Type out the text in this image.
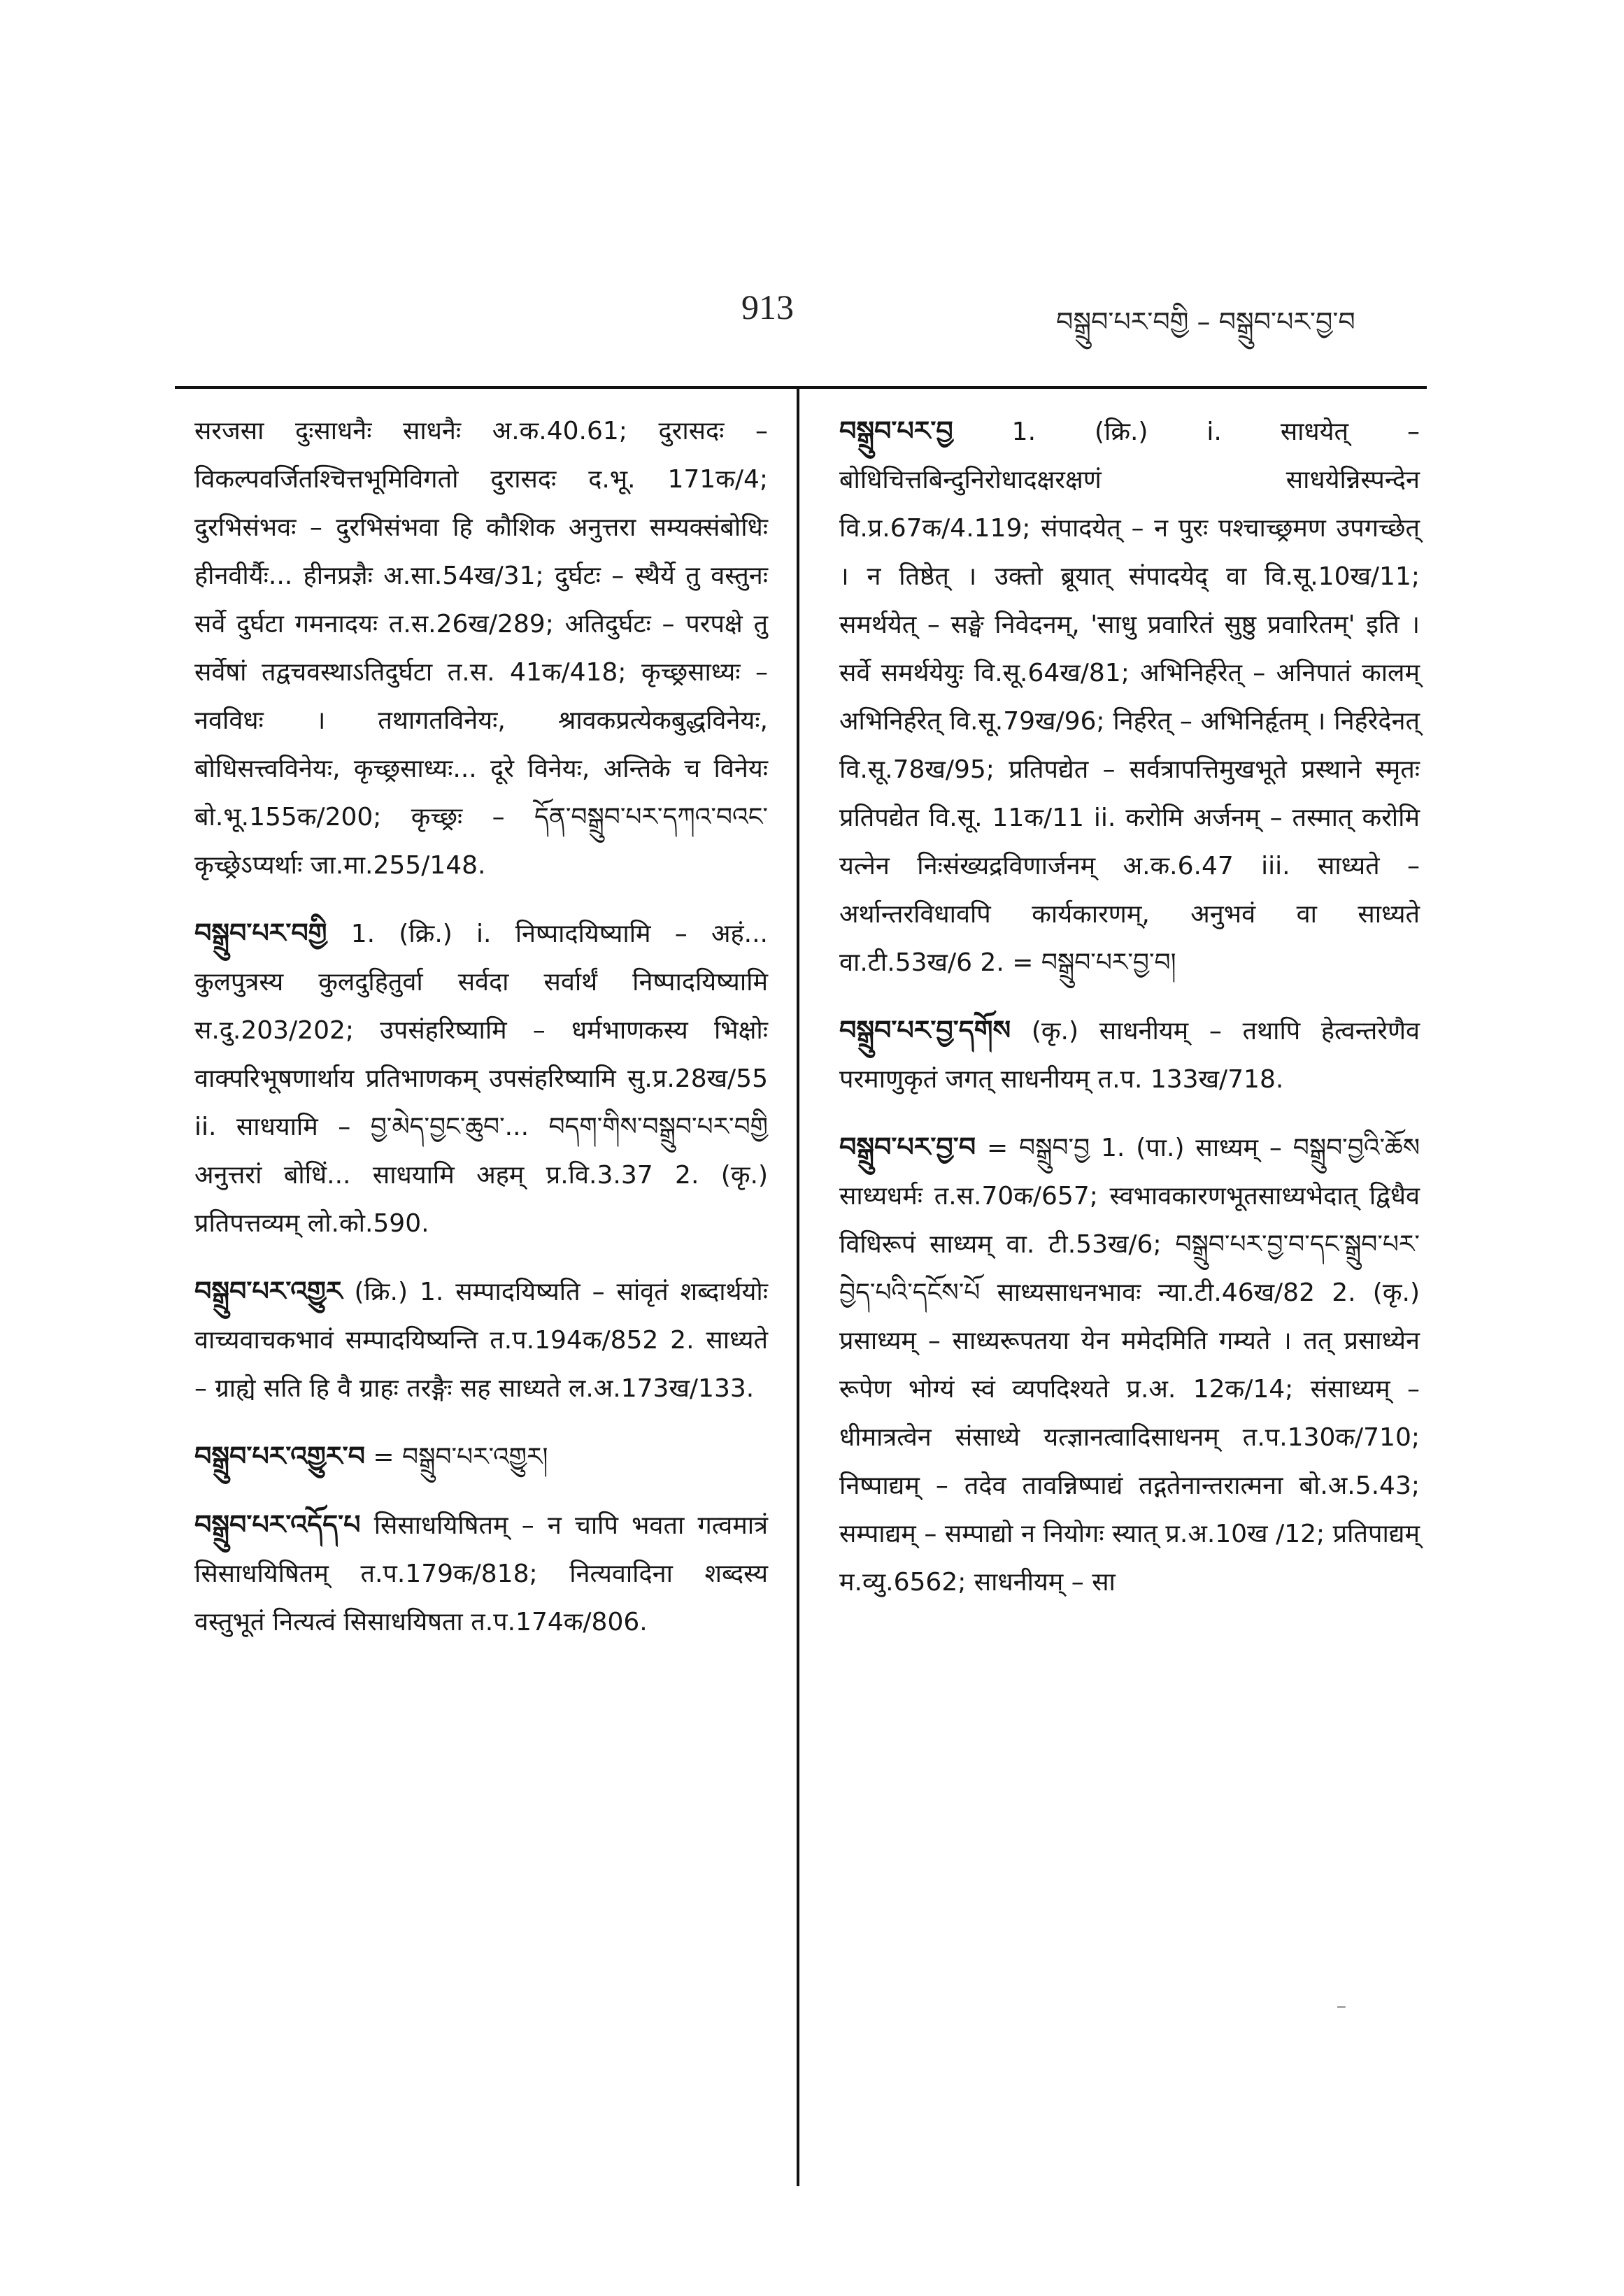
913	བསྒྲུབ་པར་བགྱི – བསྒྲུབ་པར་བྱ་བ
सरजसा दुःसाधनैः साधनैः अ.क.40.61; दुरासदः – विकल्पवर्जितश्चित्तभूमिविगतो दुरासदः द.भू. 171क/4; दुरभिसंभवः – दुरभिसंभवा हि कौशिक अनुत्तरा सम्यक्संबोधिः हीनवीर्यैः... हीनप्रज्ञैः अ.सा.54ख/31; दुर्घटः – स्थैर्ये तु वस्तुनः सर्वे दुर्घटा गमनादयः त.स.26ख/289; अतिदुर्घटः – परपक्षे तु सर्वेषां तद्वचवस्थाऽतिदुर्घटा त.स. 41क/418; कृच्छ्रसाध्यः – नवविधः । तथागतविनेयः, श्रावकप्रत्येकबुद्धविनेयः, बोधिसत्त्वविनेयः, कृच्छ्रसाध्यः... दूरे विनेयः, अन्तिके च विनेयः बो.भू.155क/200; कृच्छ्रः – དོན་བསྒྲུབ་པར་དཀའ་བའང་ कृच्छ्रेऽप्यर्थाः जा.मा.255/148.
བསྒྲུབ་པར་བགྱི 1. (क्रि.) i. निष्पादयिष्यामि – अहं... कुलपुत्रस्य कुलदुहितुर्वा सर्वदा सर्वार्थं निष्पादयिष्यामि स.दु.203/202; उपसंहरिष्यामि – धर्मभाणकस्य भिक्षोः वाक्परिभूषणार्थाय प्रतिभाणकम् उपसंहरिष्यामि सु.प्र.28ख/55 ii. साधयामि – བྱ་མེད་བྱང་ཆུབ་... བདག་གིས་བསྒྲུབ་པར་བགྱི अनुत्तरां बोधिं... साधयामि अहम् प्र.वि.3.37 2. (कृ.) प्रतिपत्तव्यम् लो.को.590.
བསྒྲུབ་པར་འགྱུར (क्रि.) 1. सम्पादयिष्यति – सांवृतं शब्दार्थयोः वाच्यवाचकभावं सम्पादयिष्यन्ति त.प.194क/852 2. साध्यते – ग्राह्ये सति हि वै ग्राहः तरङ्गैः सह साध्यते ल.अ.173ख/133.
བསྒྲུབ་པར་འགྱུར་བ = བསྒྲུབ་པར་འགྱུར།
བསྒྲུབ་པར་འདོད་པ सिसाधयिषितम् – न चापि भवता गत्वमात्रं सिसाधयिषितम् त.प.179क/818; नित्यवादिना शब्दस्य वस्तुभूतं नित्यत्वं सिसाधयिषता त.प.174क/806.
བསྒྲུབ་པར་བྱ 1. (क्रि.) i. साधयेत् – बोधिचित्तबिन्दुनिरोधादक्षरक्षणं साधयेन्निस्पन्देन वि.प्र.67क/4.119; संपादयेत् – न पुरः पश्चाच्छ्रमण उपगच्छेत् । न तिष्ठेत् । उक्तो ब्रूयात् संपादयेद् वा वि.सू.10ख/11; समर्थयेत् – सङ्घे निवेदनम्, 'साधु प्रवारितं सुष्ठु प्रवारितम्' इति । सर्वे समर्थयेयुः वि.सू.64ख/81; अभिनिर्हरेत् – अनिपातं कालम् अभिनिर्हरेत् वि.सू.79ख/96; निर्हरेत् – अभिनिर्हृतम् । निर्हरेदेनत् वि.सू.78ख/95; प्रतिपद्येत – सर्वत्रापत्तिमुखभूते प्रस्थाने स्मृतः प्रतिपद्येत वि.सू. 11क/11 ii. करोमि अर्जनम् – तस्मात् करोमि यत्नेन निःसंख्यद्रविणार्जनम् अ.क.6.47 iii. साध्यते – अर्थान्तरविधावपि कार्यकारणम्, अनुभवं वा साध्यते वा.टी.53ख/6 2. = བསྒྲུབ་པར་བྱ་བ།
བསྒྲུབ་པར་བྱ་དགོས (कृ.) साधनीयम् – तथापि हेत्वन्तरेणैव परमाणुकृतं जगत् साधनीयम् त.प. 133ख/718.
བསྒྲུབ་པར་བྱ་བ = བསྒྲུབ་བྱ 1. (पा.) साध्यम् – བསྒྲུབ་བྱའི་ཆོས साध्यधर्मः त.स.70क/657; स्वभावकारणभूतसाध्यभेदात् द्विधैव विधिरूपं साध्यम् वा. टी.53ख/6; བསྒྲུབ་པར་བྱ་བ་དང་སྒྲུབ་པར་བྱེད་པའི་དངོས་པོ साध्यसाधनभावः न्या.टी.46ख/82 2. (कृ.) प्रसाध्यम् – साध्यरूपतया येन ममेदमिति गम्यते । तत् प्रसाध्येन रूपेण भोग्यं स्वं व्यपदिश्यते प्र.अ. 12क/14; संसाध्यम् – धीमात्रत्वेन संसाध्ये यत्ज्ञानत्वादिसाधनम् त.प.130क/710; निष्पाद्यम् – तदेव तावन्निष्पाद्यं तद्गतेनान्तरात्मना बो.अ.5.43; सम्पाद्यम् – सम्पाद्यो न नियोगः स्यात् प्र.अ.10ख /12; प्रतिपाद्यम् म.व्यु.6562; साधनीयम् – सा
⁻
